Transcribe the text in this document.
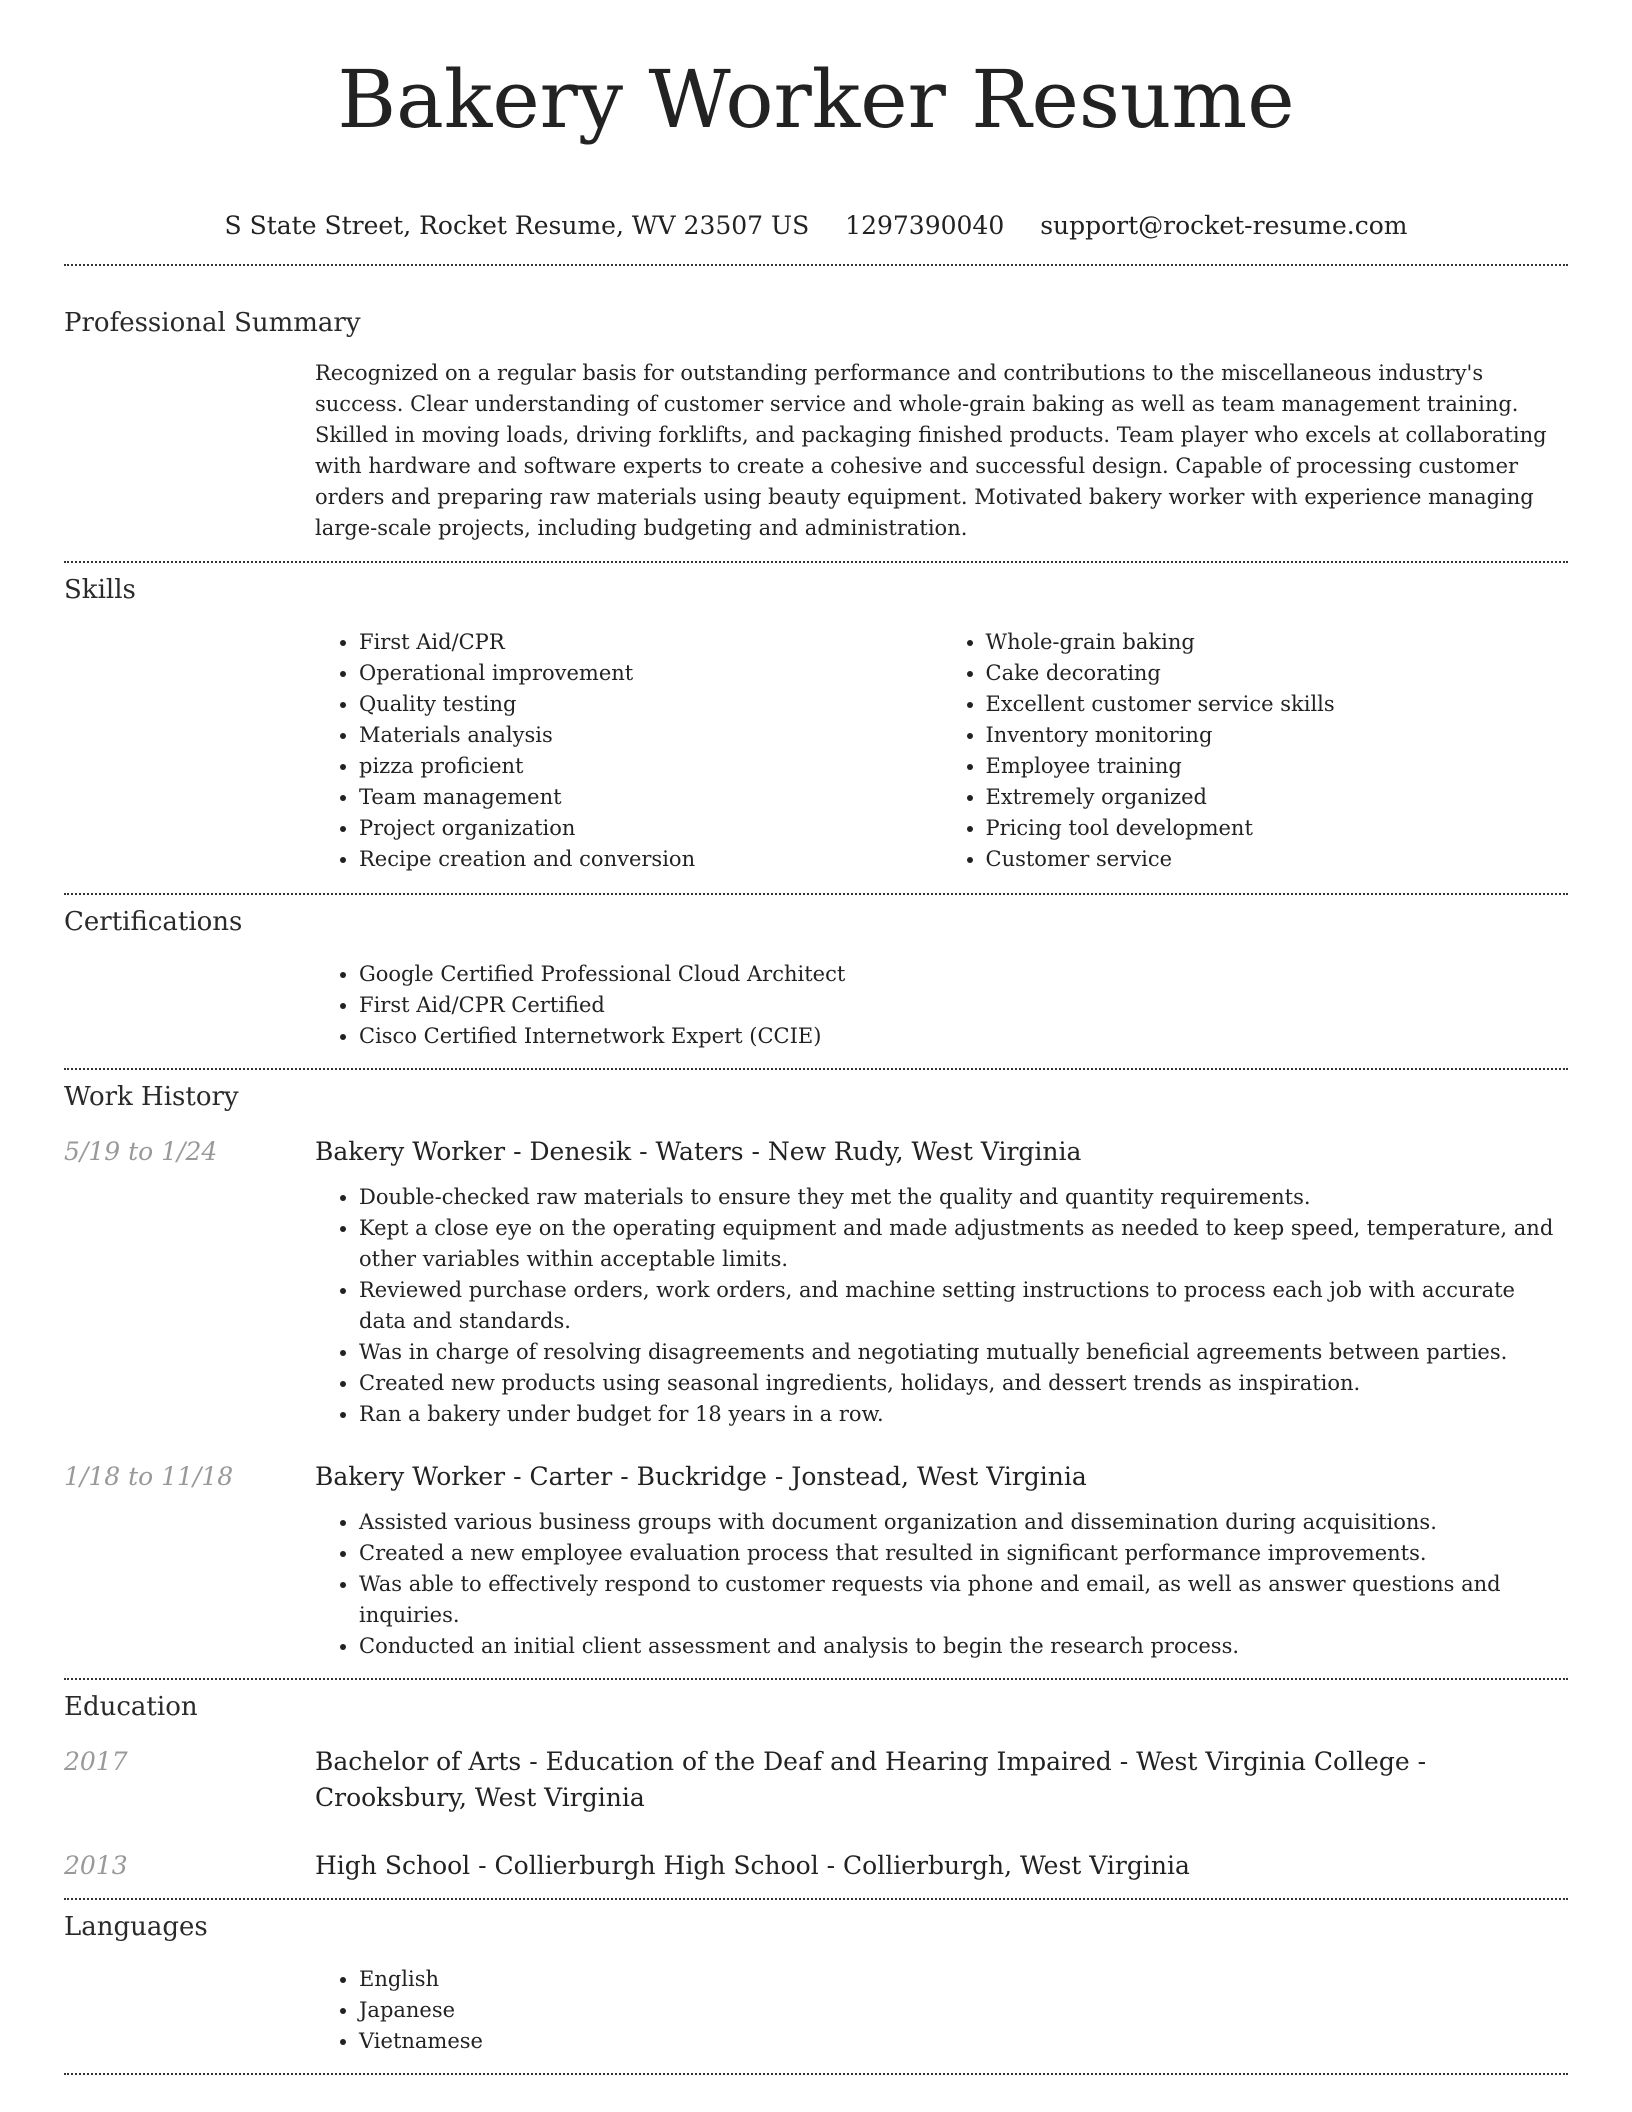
Bakery Worker Resume
S State Street, Rocket Resume, WV 23507 US 1297390040 support@rocket-resume.com
Professional Summary
Recognized on a regular basis for outstanding performance and contributions to the miscellaneous industry's success. Clear understanding of customer service and whole-grain baking as well as team management training. Skilled in moving loads, driving forklifts, and packaging finished products. Team player who excels at collaborating with hardware and software experts to create a cohesive and successful design. Capable of processing customer orders and preparing raw materials using beauty equipment. Motivated bakery worker with experience managing large-scale projects, including budgeting and administration.
Skills
• First Aid/CPR
• Operational improvement
• Quality testing
• Materials analysis
• pizza proficient
• Team management
• Project organization
• Recipe creation and conversion
• Whole-grain baking
• Cake decorating
• Excellent customer service skills
• Inventory monitoring
• Employee training
• Extremely organized
• Pricing tool development
• Customer service
Certifications
• Google Certified Professional Cloud Architect
• First Aid/CPR Certified
• Cisco Certified Internetwork Expert (CCIE)
Work History
5/19 to 1/24	Bakery Worker - Denesik - Waters - New Rudy, West Virginia
• Double-checked raw materials to ensure they met the quality and quantity requirements.
• Kept a close eye on the operating equipment and made adjustments as needed to keep speed, temperature, and other variables within acceptable limits.
• Reviewed purchase orders, work orders, and machine setting instructions to process each job with accurate data and standards.
• Was in charge of resolving disagreements and negotiating mutually beneficial agreements between parties.
• Created new products using seasonal ingredients, holidays, and dessert trends as inspiration.
• Ran a bakery under budget for 18 years in a row.
1/18 to 11/18	Bakery Worker - Carter - Buckridge - Jonstead, West Virginia
• Assisted various business groups with document organization and dissemination during acquisitions.
• Created a new employee evaluation process that resulted in significant performance improvements.
• Was able to effectively respond to customer requests via phone and email, as well as answer questions and inquiries.
• Conducted an initial client assessment and analysis to begin the research process.
Education
2017	Bachelor of Arts - Education of the Deaf and Hearing Impaired - West Virginia College - Crooksbury, West Virginia
2013	High School - Collierburgh High School - Collierburgh, West Virginia
Languages
• English
• Japanese
• Vietnamese
